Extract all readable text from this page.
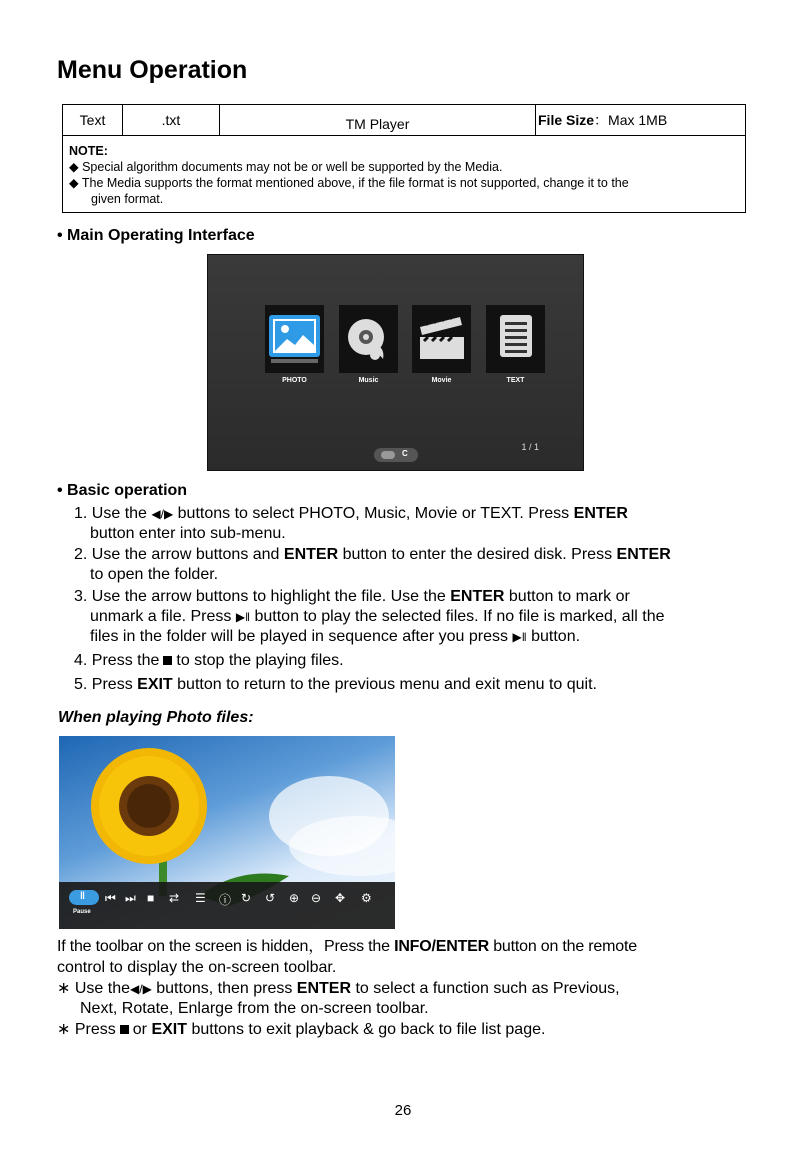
Menu Operation
Text	.txt	TM Player	File Size：Max 1MB
NOTE:
◆ Special algorithm documents may not be or well be supported by the Media.
◆ The Media supports the format mentioned above, if the file format is not supported, change it to the
given format.
• Main Operating Interface
PHOTO	Music	Movie	TEXT
C
1 / 1
• Basic operation
1. Use the ◀/▶ buttons to select PHOTO, Music, Movie or TEXT. Press ENTER
button enter into sub-menu.
2. Use the arrow buttons and ENTER button to enter the desired disk. Press ENTER
to open the folder.
3. Use the arrow buttons to highlight the file. Use the ENTER button to mark or
unmark a file. Press ▶ǁ button to play the selected files. If no file is marked, all the
files in the folder will be played in sequence after you press ▶ǁ button.
4. Press the to stop the playing files.
5. Press EXIT button to return to the previous menu and exit menu to quit.
When playing Photo files:
ǁ
Pause
⏮ ⏭ ■ ⇄ ☰ ⓘ ↻ ↺ ⊕ ⊖ ✥ ⚙
If the toolbar on the screen is hidden，Press the INFO/ENTER button on the remote
control to display the on-screen toolbar.
∗ Use the◀/▶ buttons, then press ENTER to select a function such as Previous,
Next, Rotate, Enlarge from the on-screen toolbar.
∗ Press or EXIT buttons to exit playback & go back to file list page.
26
